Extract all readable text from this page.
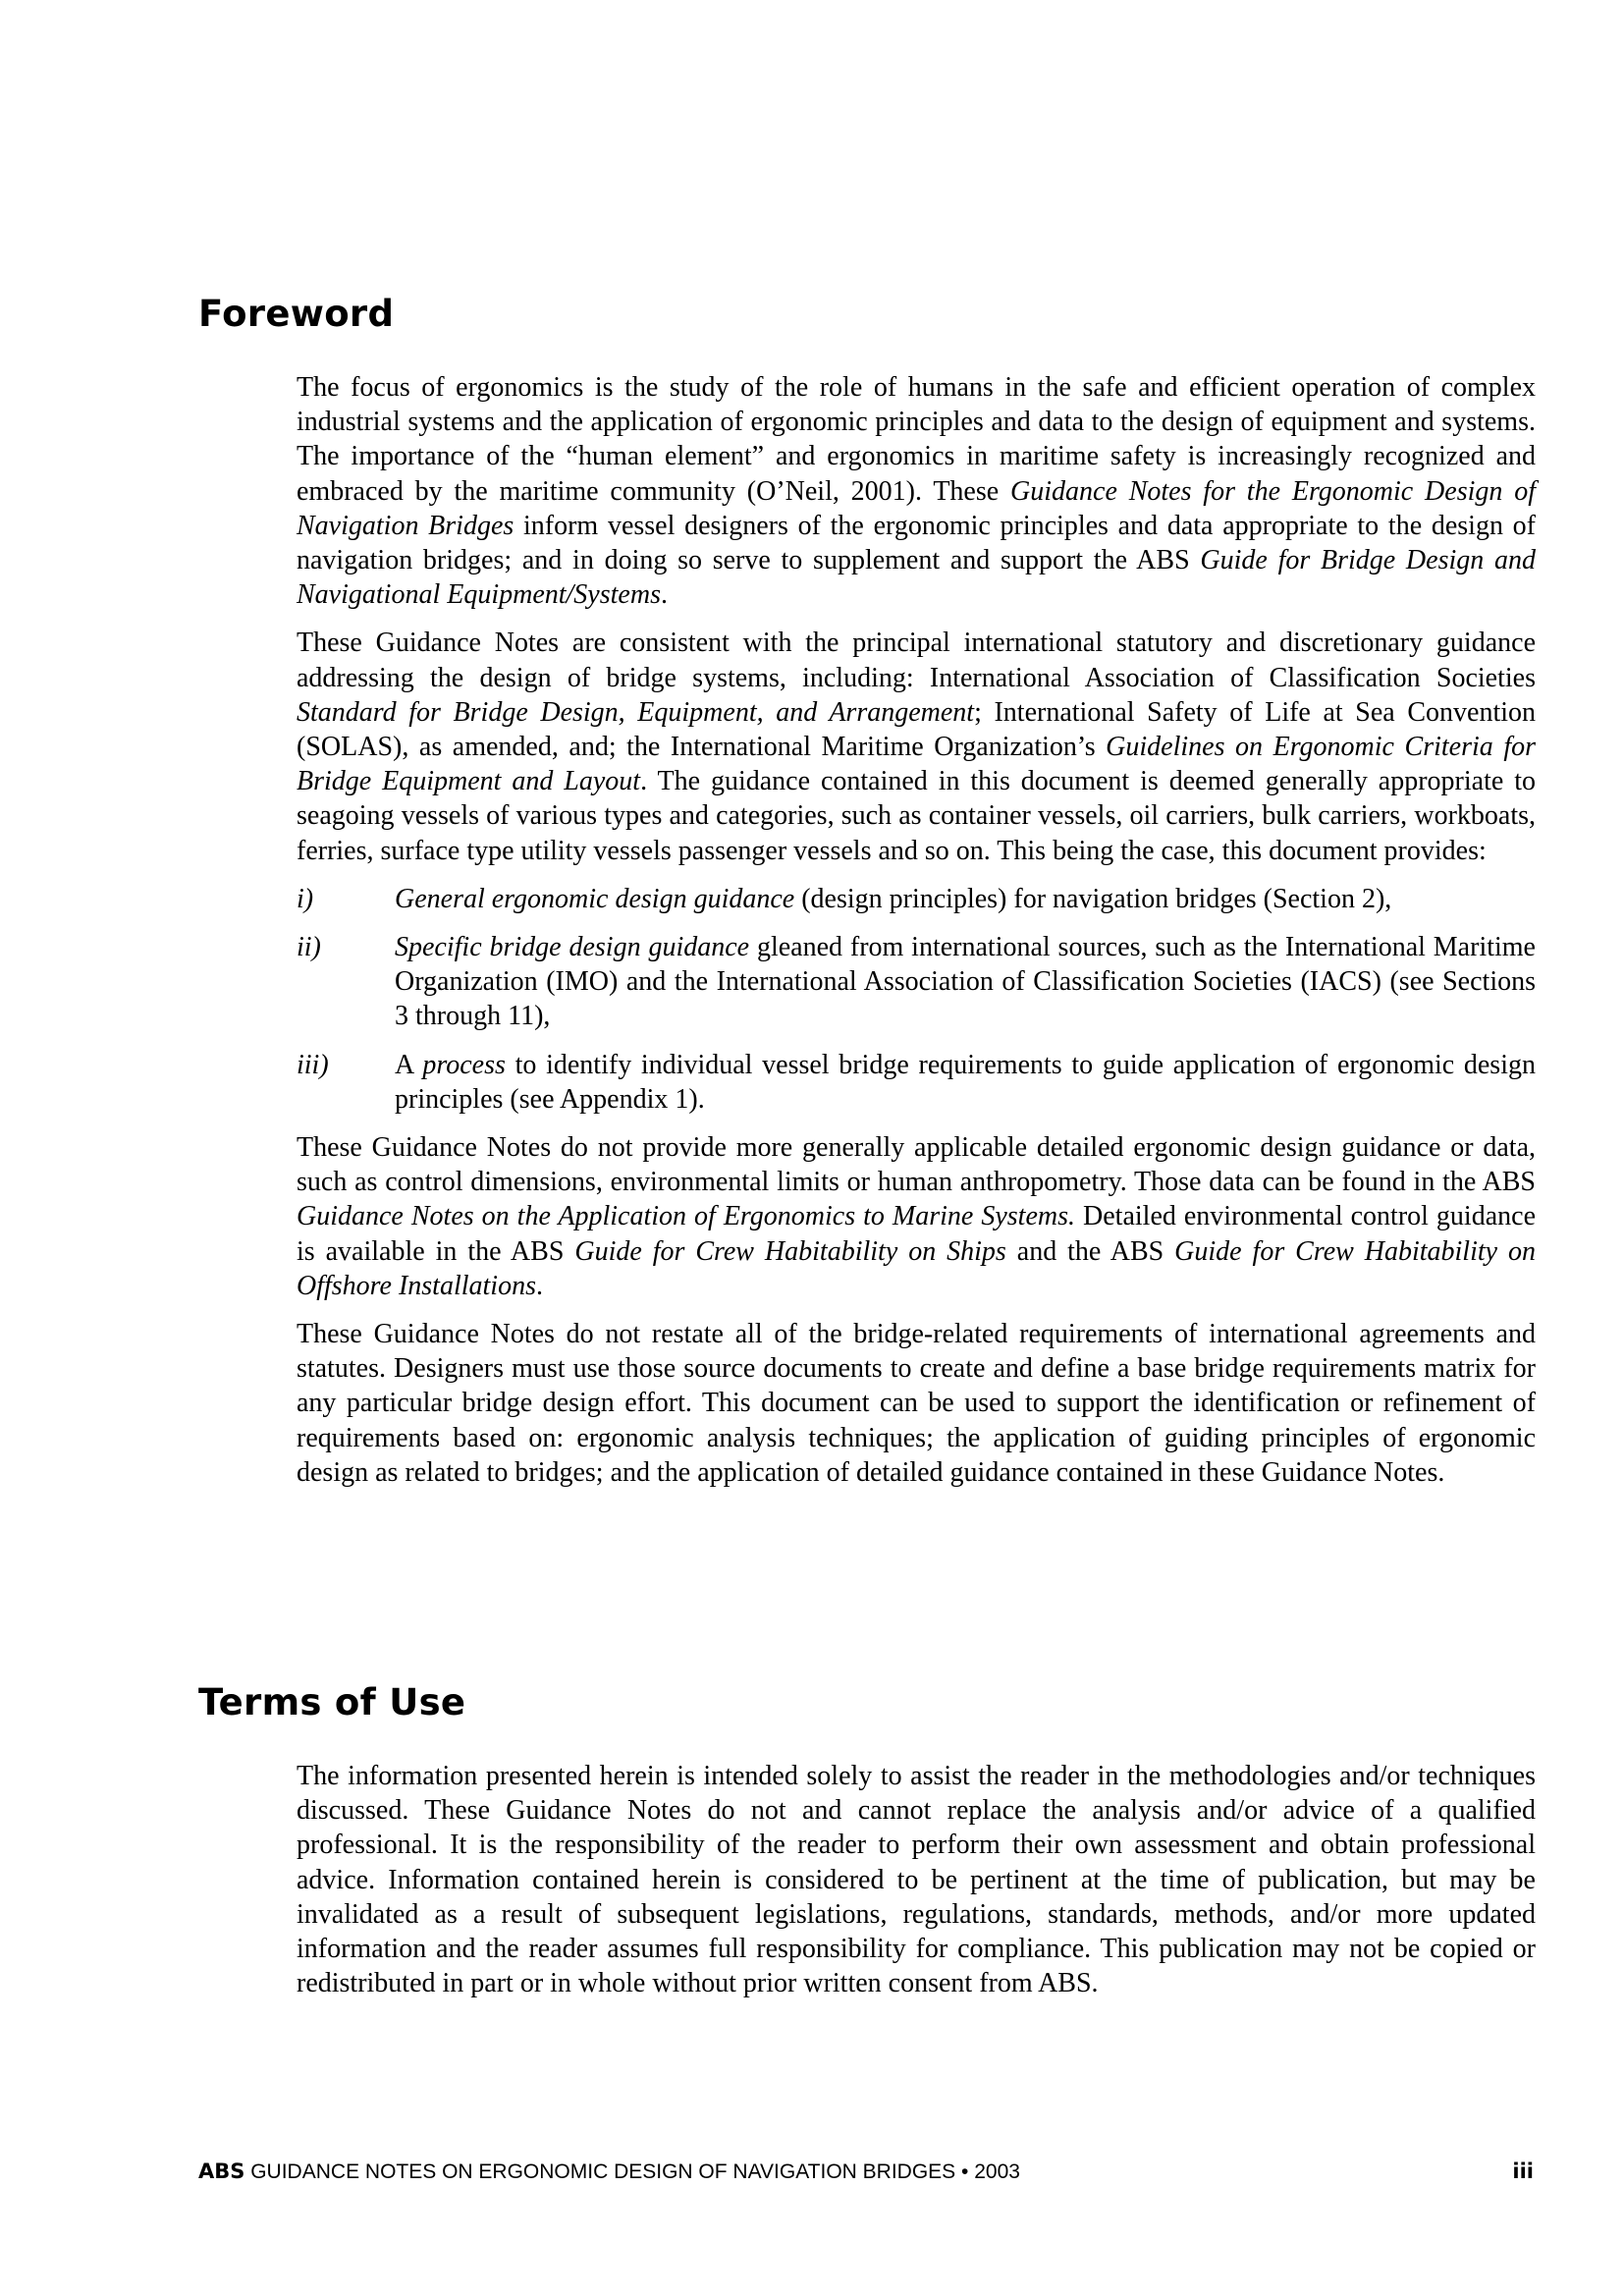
Foreword

The focus of ergonomics is the study of the role of humans in the safe and efficient operation of complex industrial systems and the application of ergonomic principles and data to the design of equipment and systems. The importance of the “human element” and ergonomics in maritime safety is increasingly recognized and embraced by the maritime community (O’Neil, 2001). These Guidance Notes for the Ergonomic Design of Navigation Bridges inform vessel designers of the ergonomic principles and data appropriate to the design of navigation bridges; and in doing so serve to supplement and support the ABS Guide for Bridge Design and Navigational Equipment/Systems.

These Guidance Notes are consistent with the principal international statutory and discretionary guidance addressing the design of bridge systems, including: International Association of Classification Societies Standard for Bridge Design, Equipment, and Arrangement; International Safety of Life at Sea Convention (SOLAS), as amended, and; the International Maritime Organization’s Guidelines on Ergonomic Criteria for Bridge Equipment and Layout. The guidance contained in this document is deemed generally appropriate to seagoing vessels of various types and categories, such as container vessels, oil carriers, bulk carriers, workboats, ferries, surface type utility vessels passenger vessels and so on. This being the case, this document provides:

i)	General ergonomic design guidance (design principles) for navigation bridges (Section 2),
ii)	Specific bridge design guidance gleaned from international sources, such as the International Maritime Organization (IMO) and the International Association of Classification Societies (IACS) (see Sections 3 through 11),
iii) A process to identify individual vessel bridge requirements to guide application of ergonomic design principles (see Appendix 1).

These Guidance Notes do not provide more generally applicable detailed ergonomic design guidance or data, such as control dimensions, environmental limits or human anthropometry. Those data can be found in the ABS Guidance Notes on the Application of Ergonomics to Marine Systems. Detailed environmental control guidance is available in the ABS Guide for Crew Habitability on Ships and the ABS Guide for Crew Habitability on Offshore Installations.

These Guidance Notes do not restate all of the bridge-related requirements of international agreements and statutes. Designers must use those source documents to create and define a base bridge requirements matrix for any particular bridge design effort. This document can be used to support the identification or refinement of requirements based on: ergonomic analysis techniques; the application of guiding principles of ergonomic design as related to bridges; and the application of detailed guidance contained in these Guidance Notes.

Terms of Use

The information presented herein is intended solely to assist the reader in the methodologies and/or techniques discussed. These Guidance Notes do not and cannot replace the analysis and/or advice of a qualified professional. It is the responsibility of the reader to perform their own assessment and obtain professional advice. Information contained herein is considered to be pertinent at the time of publication, but may be invalidated as a result of subsequent legislations, regulations, standards, methods, and/or more updated information and the reader assumes full responsibility for compliance. This publication may not be copied or redistributed in part or in whole without prior written consent from ABS.

ABS GUIDANCE NOTES ON ERGONOMIC DESIGN OF NAVIGATION BRIDGES • 2003	iii
